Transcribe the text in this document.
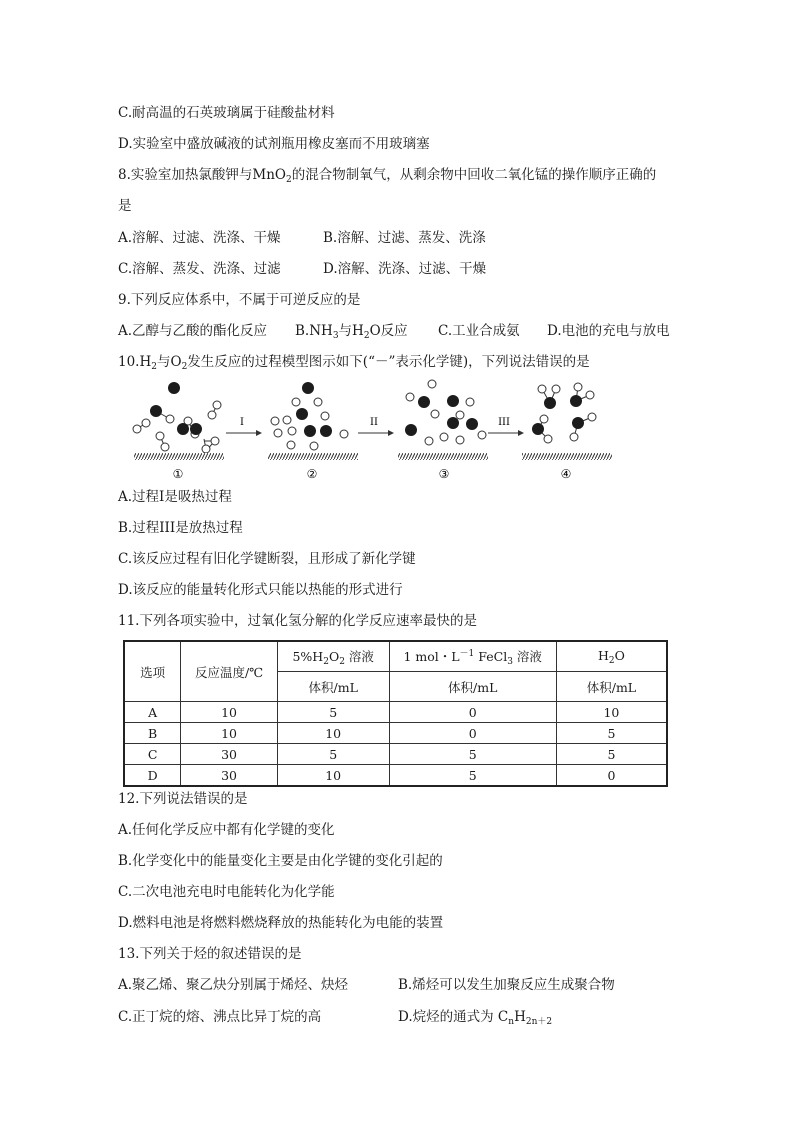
C.耐高温的石英玻璃属于硅酸盐材料
D.实验室中盛放碱液的试剂瓶用橡皮塞而不用玻璃塞
8.实验室加热氯酸钾与MnO$_2$的混合物制氧气，从剩余物中回收二氧化锰的操作顺序正确的
是
A.溶解、过滤、洗涤、干燥	B.溶解、过滤、蒸发、洗涤
C.溶解、蒸发、洗涤、过滤	D.溶解、洗涤、过滤、干燥
9.下列反应体系中，不属于可逆反应的是
A.乙醇与乙酸的酯化反应 $B.NH_3$与$H_2O$反应 C.工业合成氨 D.电池的充电与放电
$10.H_2$与$O_2$发生反应的过程模型图示如下(“－”表示化学键)，下列说法错误的是
①
I
②
II
③
III
④
A.过程I是吸热过程
B.过程III是放热过程
C.该反应过程有旧化学键断裂，且形成了新化学键
D.该反应的能量转化形式只能以热能的形式进行
11.下列各项实验中，过氧化氢分解的化学反应速率最快的是
选项	反应温度/℃	$5\%H_2O_2$ 溶液	1 mol・$L^{-1}$ FeCl$_3$ 溶液	$H_2O$
		体积/mL	体积/mL	体积/mL
A	10	5	0	10
B	10	10	0	5
C	30	5	5	5
D	30	10	5	0
12.下列说法错误的是
A.任何化学反应中都有化学键的变化
B.化学变化中的能量变化主要是由化学键的变化引起的
C.二次电池充电时电能转化为化学能
D.燃料电池是将燃料燃烧释放的热能转化为电能的装置
13.下列关于烃的叙述错误的是
A.聚乙烯、聚乙炔分别属于烯烃、炔烃	B.烯烃可以发生加聚反应生成聚合物
C.正丁烷的熔、沸点比异丁烷的高	D.烷烃的通式为 $C_nH_{2n+2}$
